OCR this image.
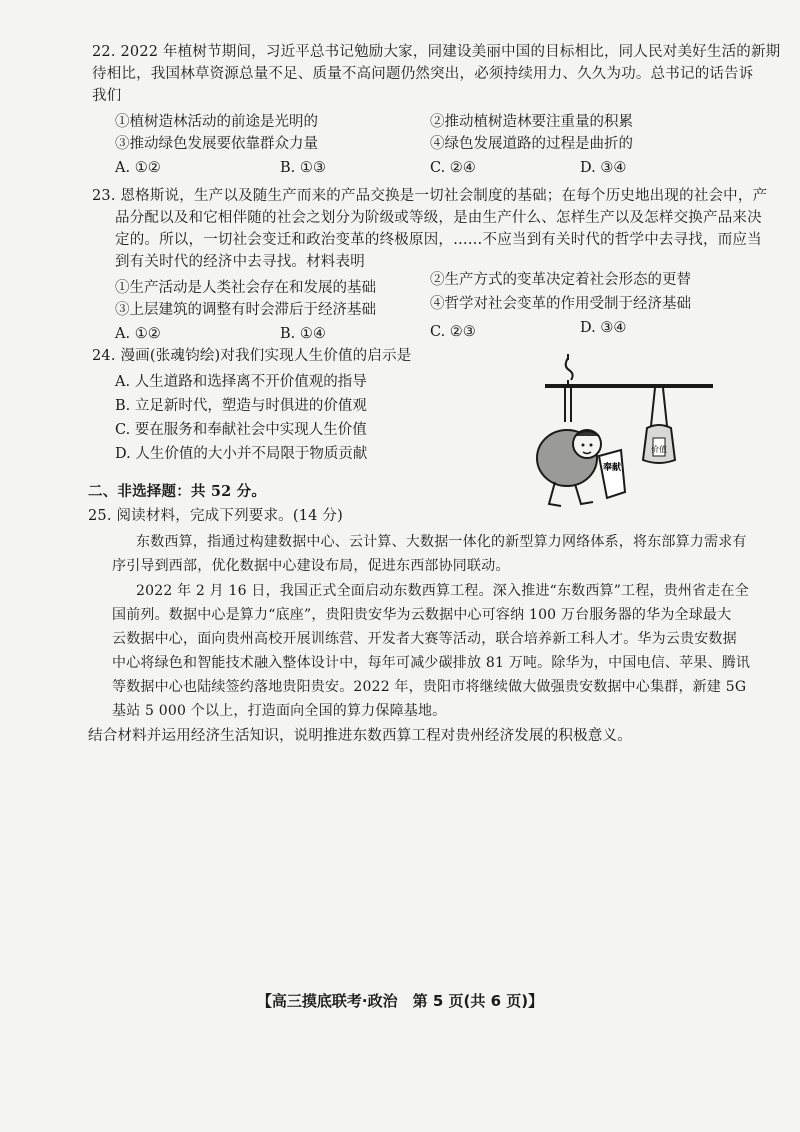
22. 2022 年植树节期间，习近平总书记勉励大家，同建设美丽中国的目标相比，同人民对美好生活的新期
待相比，我国林草资源总量不足、质量不高问题仍然突出，必须持续用力、久久为功。总书记的话告诉
我们
①植树造林活动的前途是光明的	②推动植树造林要注重量的积累
③推动绿色发展要依靠群众力量	④绿色发展道路的过程是曲折的
A. ①②	B. ①③	C. ②④	D. ③④
23. 恩格斯说，生产以及随生产而来的产品交换是一切社会制度的基础；在每个历史地出现的社会中，产
品分配以及和它相伴随的社会之划分为阶级或等级，是由生产什么、怎样生产以及怎样交换产品来决
定的。所以，一切社会变迁和政治变革的终极原因，……不应当到有关时代的哲学中去寻找，而应当
到有关时代的经济中去寻找。材料表明
①生产活动是人类社会存在和发展的基础	②生产方式的变革决定着社会形态的更替
③上层建筑的调整有时会滞后于经济基础	④哲学对社会变革的作用受制于经济基础
A. ①②	B. ①④	C. ②③	D. ③④
24. 漫画(张魂钧绘)对我们实现人生价值的启示是
A. 人生道路和选择离不开价值观的指导
B. 立足新时代，塑造与时俱进的价值观
C. 要在服务和奉献社会中实现人生价值
D. 人生价值的大小并不局限于物质贡献	价值
奉献
二、非选择题：共 52 分。
25. 阅读材料，完成下列要求。(14 分)
东数西算，指通过构建数据中心、云计算、大数据一体化的新型算力网络体系，将东部算力需求有
序引导到西部，优化数据中心建设布局，促进东西部协同联动。
2022 年 2 月 16 日，我国正式全面启动东数西算工程。深入推进“东数西算”工程，贵州省走在全
国前列。数据中心是算力“底座”，贵阳贵安华为云数据中心可容纳 100 万台服务器的华为全球最大
云数据中心，面向贵州高校开展训练营、开发者大赛等活动，联合培养新工科人才。华为云贵安数据
中心将绿色和智能技术融入整体设计中，每年可减少碳排放 81 万吨。除华为，中国电信、苹果、腾讯
等数据中心也陆续签约落地贵阳贵安。2022 年，贵阳市将继续做大做强贵安数据中心集群，新建 5G
基站 5 000 个以上，打造面向全国的算力保障基地。
结合材料并运用经济生活知识，说明推进东数西算工程对贵州经济发展的积极意义。
【高三摸底联考·政治　第 5 页(共 6 页)】
